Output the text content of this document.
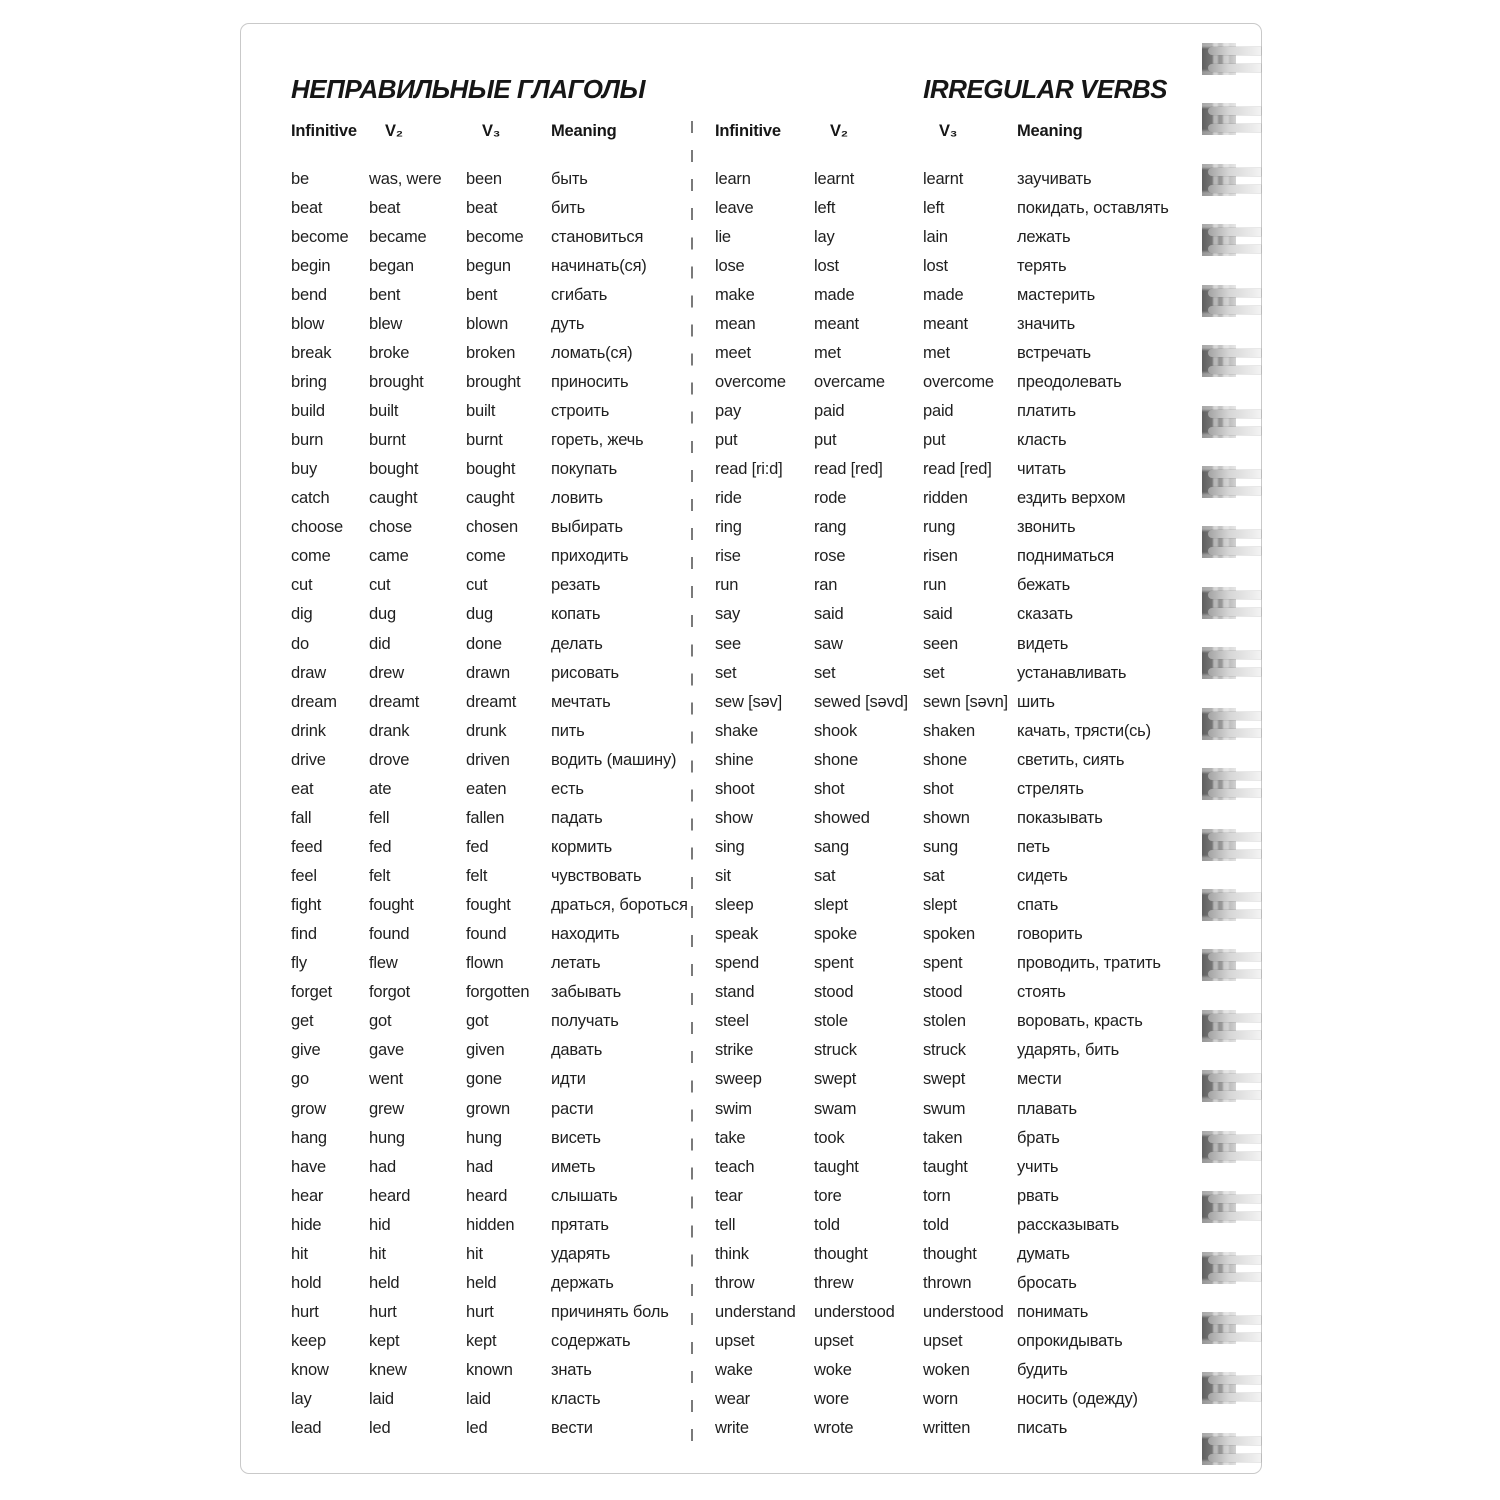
НЕПРАВИЛЬНЫЕ ГЛАГОЛЫ	IRREGULAR VERBS
Infinitive	V₂	V₃	Meaning
be	was, were	been	быть
beat	beat	beat	бить
become	became	become	становиться
begin	began	begun	начинать(ся)
bend	bent	bent	сгибать
blow	blew	blown	дуть
break	broke	broken	ломать(ся)
bring	brought	brought	приносить
build	built	built	строить
burn	burnt	burnt	гореть, жечь
buy	bought	bought	покупать
catch	caught	caught	ловить
choose	chose	chosen	выбирать
come	came	come	приходить
cut	cut	cut	резать
dig	dug	dug	копать
do	did	done	делать
draw	drew	drawn	рисовать
dream	dreamt	dreamt	мечтать
drink	drank	drunk	пить
drive	drove	driven	водить (машину)
eat	ate	eaten	есть
fall	fell	fallen	падать
feed	fed	fed	кормить
feel	felt	felt	чувствовать
fight	fought	fought	драться, бороться
find	found	found	находить
fly	flew	flown	летать
forget	forgot	forgotten	забывать
get	got	got	получать
give	gave	given	давать
go	went	gone	идти
grow	grew	grown	расти
hang	hung	hung	висеть
have	had	had	иметь
hear	heard	heard	слышать
hide	hid	hidden	прятать
hit	hit	hit	ударять
hold	held	held	держать
hurt	hurt	hurt	причинять боль
keep	kept	kept	содержать
know	knew	known	знать
lay	laid	laid	класть
lead	led	led	вести
Infinitive	V₂	V₃	Meaning
learn	learnt	learnt	заучивать
leave	left	left	покидать, оставлять
lie	lay	lain	лежать
lose	lost	lost	терять
make	made	made	мастерить
mean	meant	meant	значить
meet	met	met	встречать
overcome	overcame	overcome	преодолевать
pay	paid	paid	платить
put	put	put	класть
read [ri:d]	read [red]	read [red]	читать
ride	rode	ridden	ездить верхом
ring	rang	rung	звонить
rise	rose	risen	подниматься
run	ran	run	бежать
say	said	said	сказать
see	saw	seen	видеть
set	set	set	устанавливать
sew [səv]	sewed [səvd] sewn [səvn] шить
shake	shook	shaken	качать, трясти(сь)
shine	shone	shone	светить, сиять
shoot	shot	shot	стрелять
show	showed	shown	показывать
sing	sang	sung	петь
sit	sat	sat	сидеть
sleep	slept	slept	спать
speak	spoke	spoken	говорить
spend	spent	spent	проводить, тратить
stand	stood	stood	стоять
steel	stole	stolen	воровать, красть
strike	struck	struck	ударять, бить
sweep	swept	swept	мести
swim	swam	swum	плавать
take	took	taken	брать
teach	taught	taught	учить
tear	tore	torn	рвать
tell	told	told	рассказывать
think	thought	thought	думать
throw	threw	thrown	бросать
understand	understood	understood понимать
upset	upset	upset	опрокидывать
wake	woke	woken	будить
wear	wore	worn	носить (одежду)
write	wrote	written	писать
